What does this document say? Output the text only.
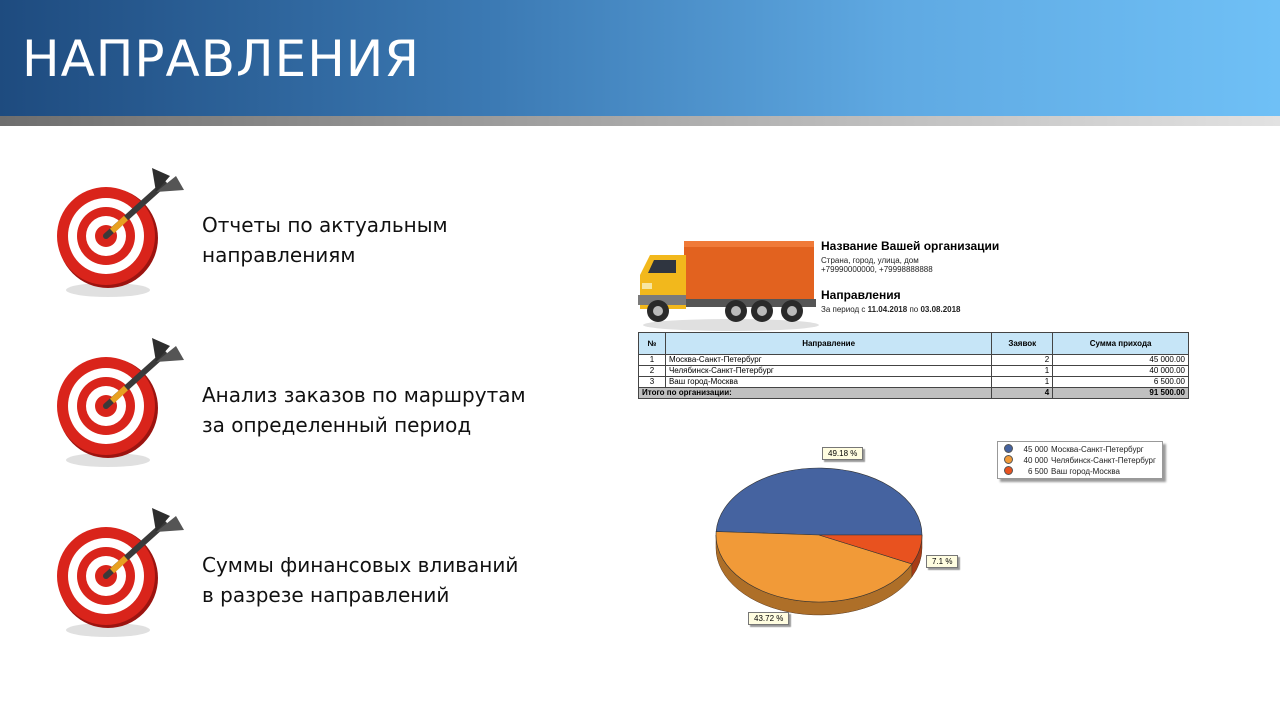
НАПРАВЛЕНИЯ
Отчеты по актуальным
направлениям
Анализ заказов по маршрутам
за определенный период
Суммы финансовых вливаний
в разрезе направлений
Название Вашей организации
Страна, город, улица, дом
+79990000000, +79998888888
Направления
За период с 11.04.2018 по 03.08.2018
№	Направление	Заявок	Сумма прихода
1	Москва-Санкт-Петербург	2	45 000.00
2	Челябинск-Санкт-Петербург	1	40 000.00
3	Ваш город-Москва	1	6 500.00
Итого по организации:		4	91 500.00
45 000 Москва-Санкт-Петербург
40 000 Челябинск-Санкт-Петербург
6 500 Ваш город-Москва
49.18 %
7.1 %
43.72 %
